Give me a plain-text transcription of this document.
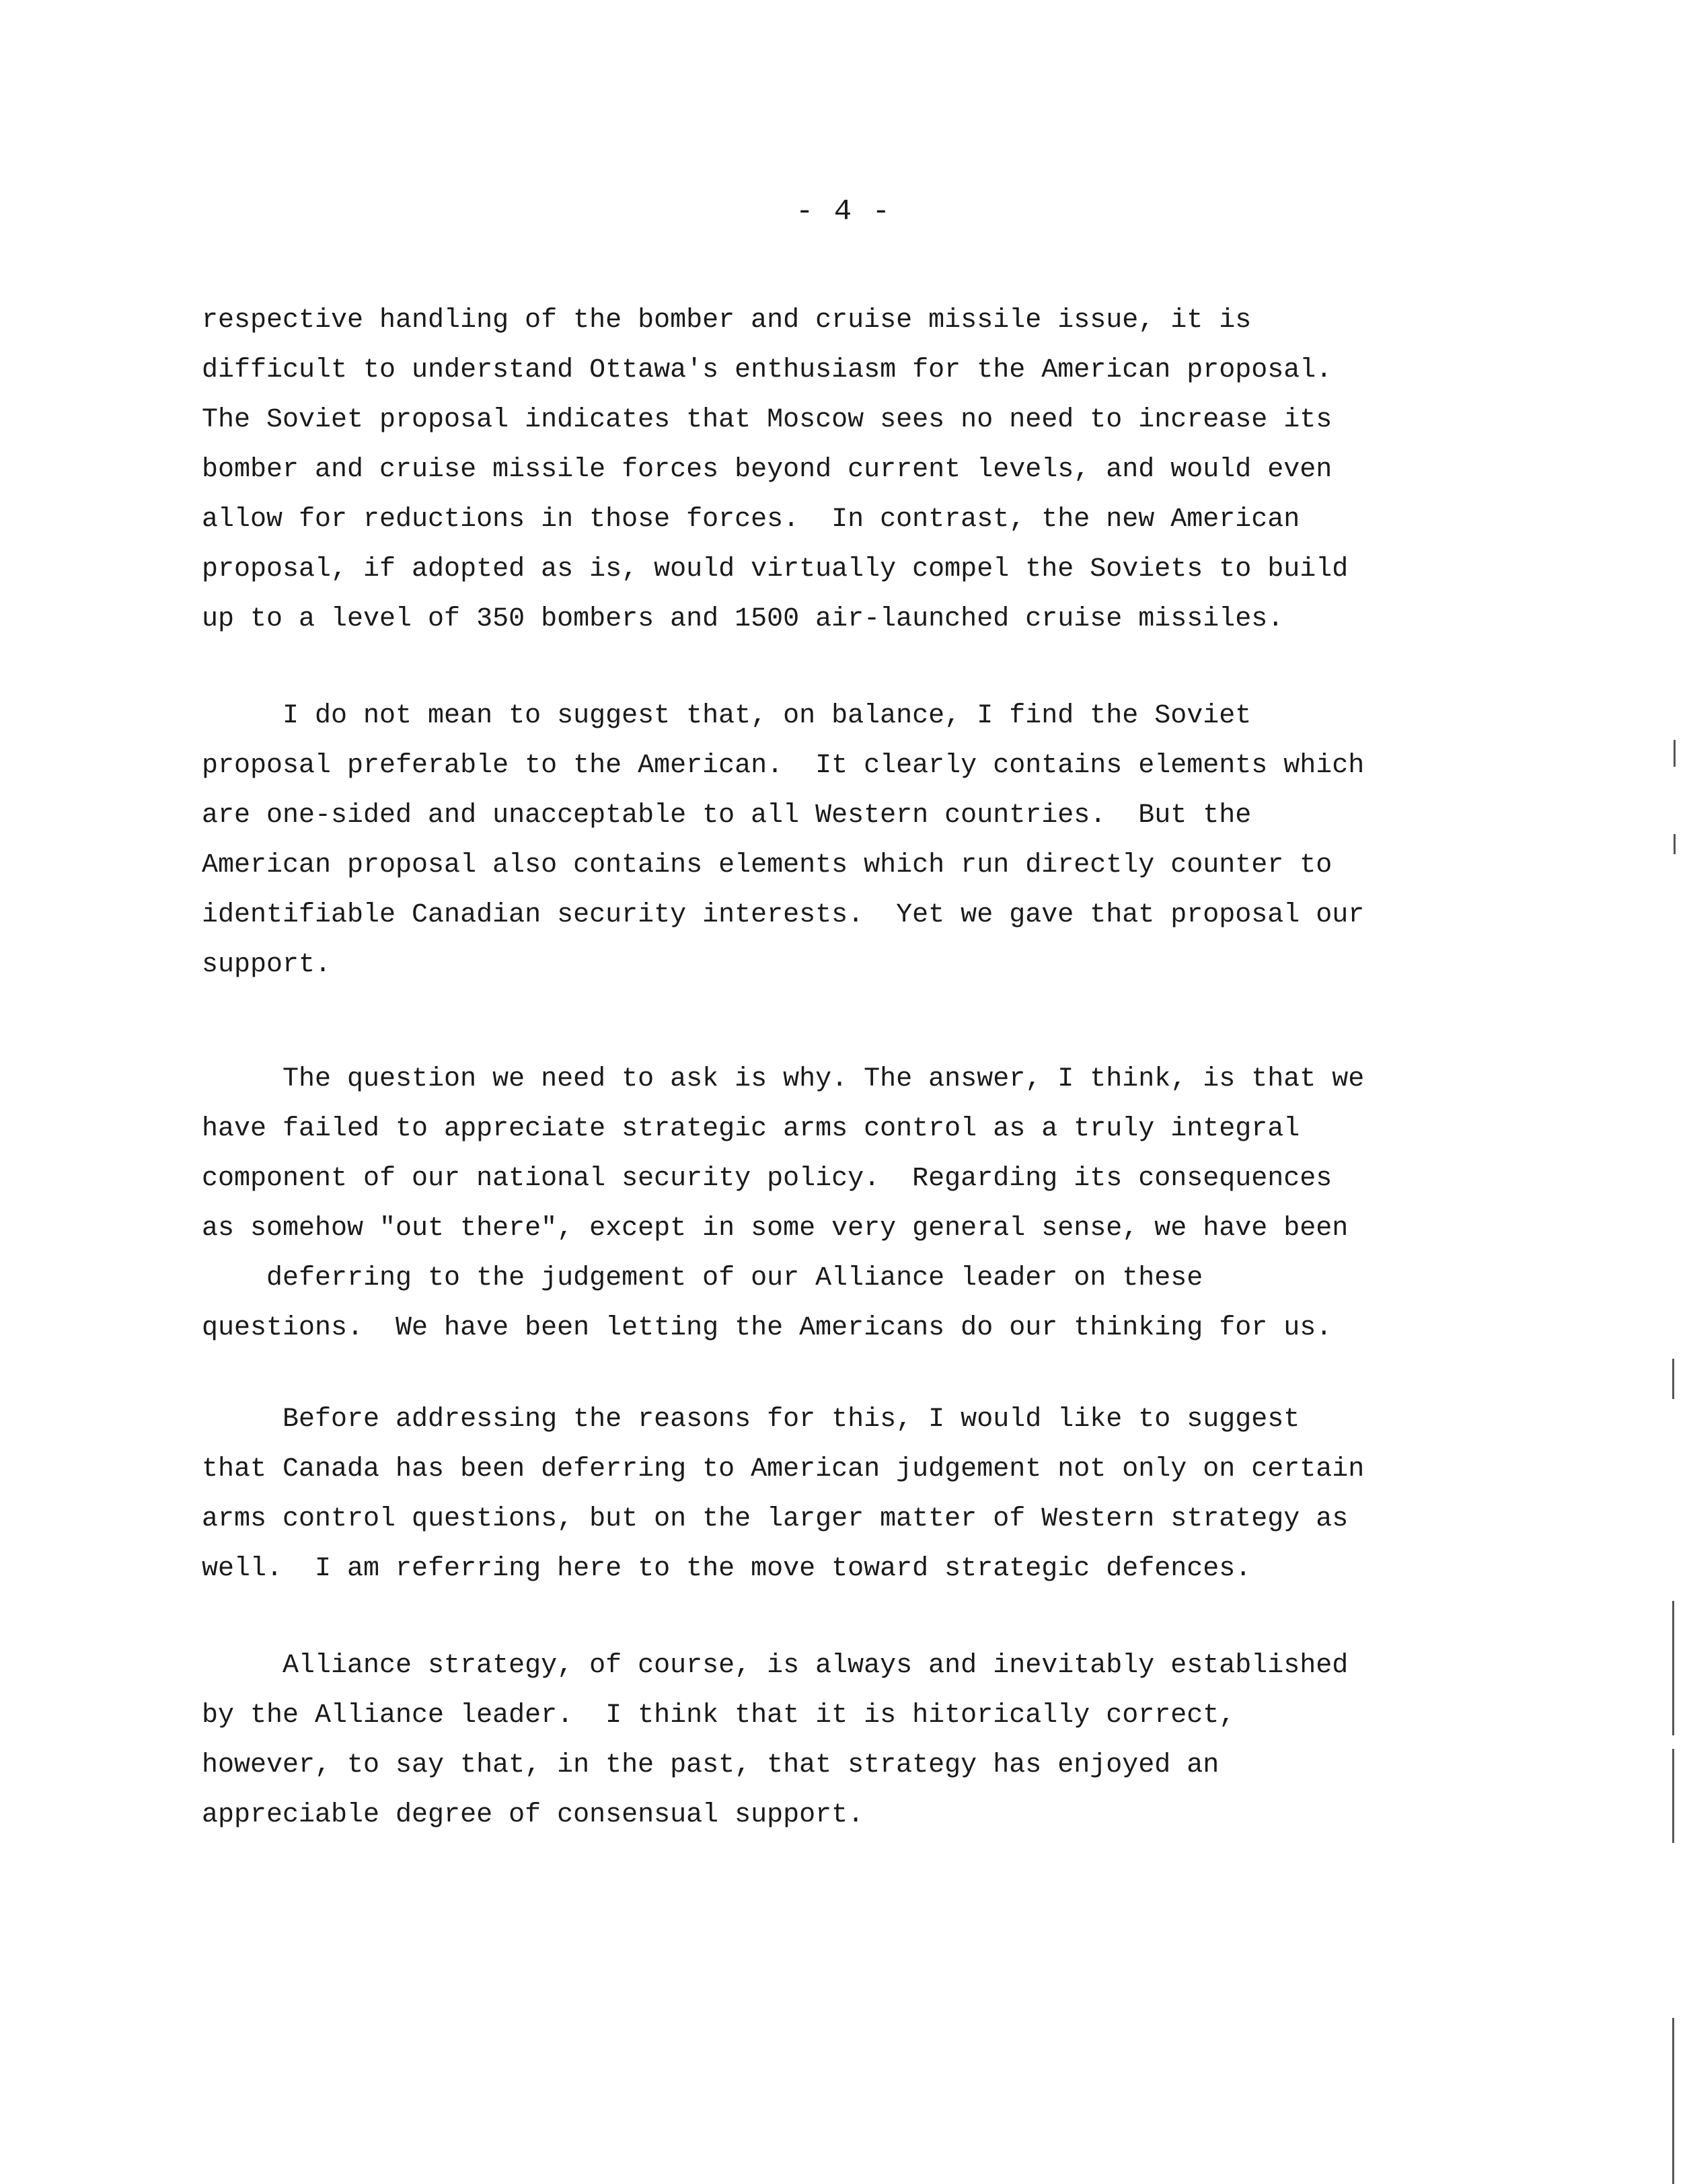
- 4 -
respective handling of the bomber and cruise missile issue, it is
difficult to understand Ottawa's enthusiasm for the American proposal.
The Soviet proposal indicates that Moscow sees no need to increase its
bomber and cruise missile forces beyond current levels, and would even
allow for reductions in those forces.  In contrast, the new American
proposal, if adopted as is, would virtually compel the Soviets to build
up to a level of 350 bombers and 1500 air-launched cruise missiles.
I do not mean to suggest that, on balance, I find the Soviet
proposal preferable to the American.  It clearly contains elements which
are one-sided and unacceptable to all Western countries.  But the
American proposal also contains elements which run directly counter to
identifiable Canadian security interests.  Yet we gave that proposal our
support.
The question we need to ask is why. The answer, I think, is that we
have failed to appreciate strategic arms control as a truly integral
component of our national security policy.  Regarding its consequences
as somehow "out there", except in some very general sense, we have been
deferring to the judgement of our Alliance leader on these
questions.  We have been letting the Americans do our thinking for us.
Before addressing the reasons for this, I would like to suggest
that Canada has been deferring to American judgement not only on certain
arms control questions, but on the larger matter of Western strategy as
well.  I am referring here to the move toward strategic defences.
Alliance strategy, of course, is always and inevitably established
by the Alliance leader.  I think that it is hitorically correct,
however, to say that, in the past, that strategy has enjoyed an
appreciable degree of consensual support.
